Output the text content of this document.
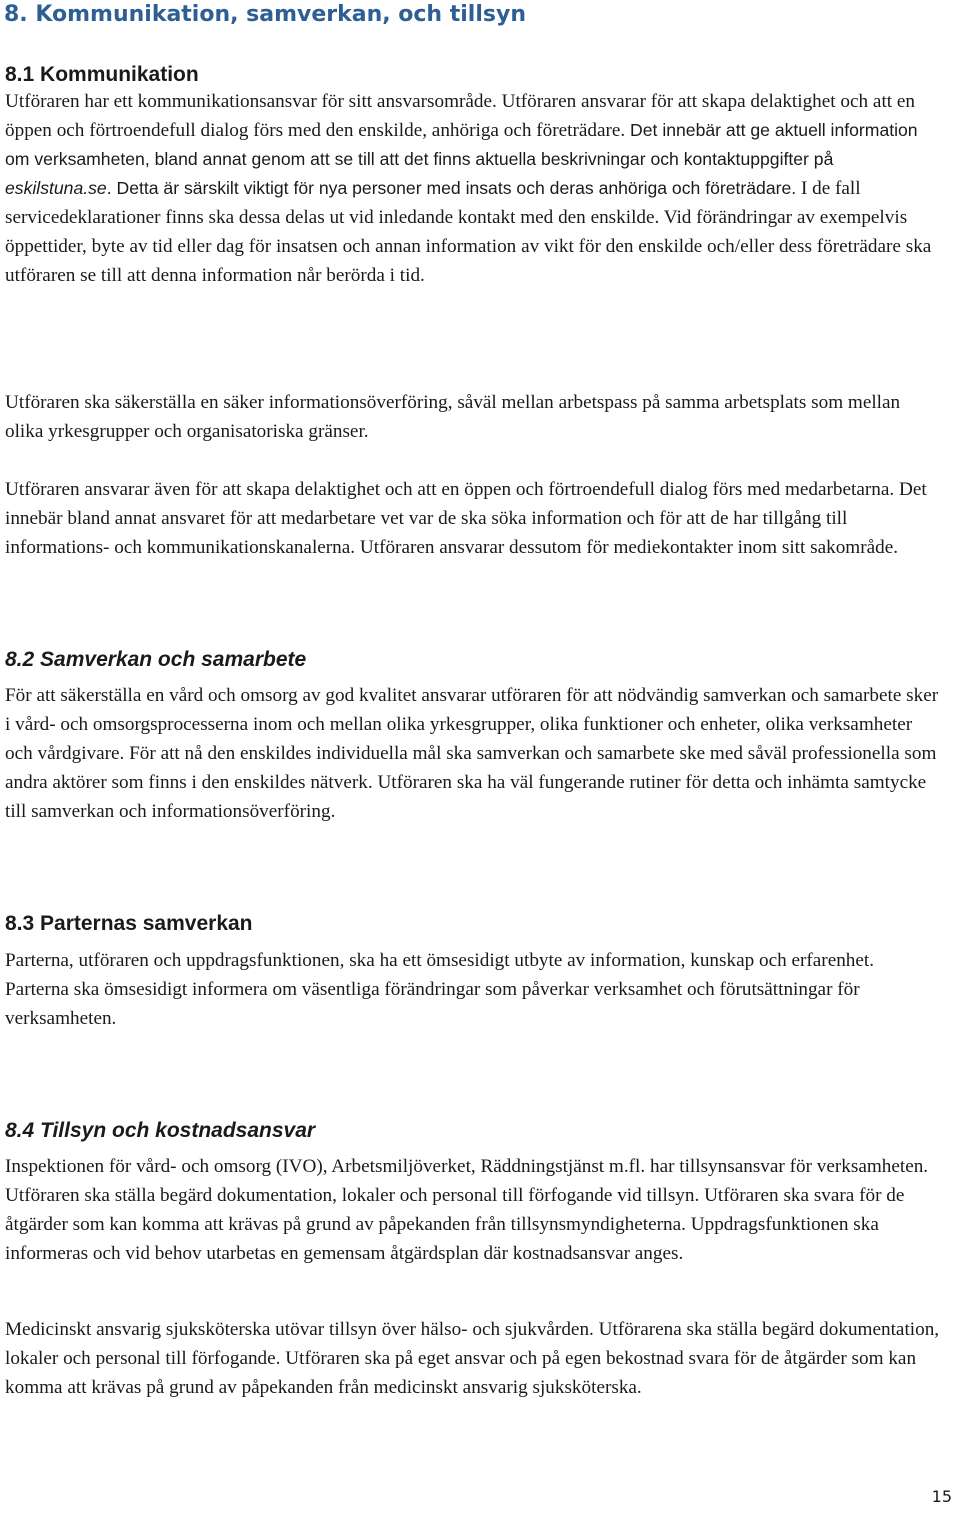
8. Kommunikation, samverkan, och tillsyn
8.1 Kommunikation

Utföraren har ett kommunikationsansvar för sitt ansvarsområde. Utföraren ansvarar för att skapa delaktighet och att en öppen och förtroendefull dialog förs med den enskilde, anhöriga och företrädare. Det innebär att ge aktuell information om verksamheten, bland annat genom att se till att det finns aktuella beskrivningar och kontaktuppgifter på eskilstuna.se. Detta är särskilt viktigt för nya personer med insats och deras anhöriga och företrädare. I de fall servicedeklarationer finns ska dessa delas ut vid inledande kontakt med den enskilde. Vid förändringar av exempelvis öppettider, byte av tid eller dag för insatsen och annan information av vikt för den enskilde och/eller dess företrädare ska utföraren se till att denna information når berörda i tid.

Utföraren ska säkerställa en säker informationsöverföring, såväl mellan arbetspass på samma arbetsplats som mellan olika yrkesgrupper och organisatoriska gränser.

Utföraren ansvarar även för att skapa delaktighet och att en öppen och förtroendefull dialog förs med medarbetarna. Det innebär bland annat ansvaret för att medarbetare vet var de ska söka information och för att de har tillgång till informations- och kommunikationskanalerna. Utföraren ansvarar dessutom för mediekontakter inom sitt sakområde.

8.2 Samverkan och samarbete

För att säkerställa en vård och omsorg av god kvalitet ansvarar utföraren för att nödvändig samverkan och samarbete sker i vård- och omsorgsprocesserna inom och mellan olika yrkesgrupper, olika funktioner och enheter, olika verksamheter och vårdgivare. För att nå den enskildes individuella mål ska samverkan och samarbete ske med såväl professionella som andra aktörer som finns i den enskildes nätverk. Utföraren ska ha väl fungerande rutiner för detta och inhämta samtycke till samverkan och informationsöverföring.

8.3 Parternas samverkan

Parterna, utföraren och uppdragsfunktionen, ska ha ett ömsesidigt utbyte av information, kunskap och erfarenhet. Parterna ska ömsesidigt informera om väsentliga förändringar som påverkar verksamhet och förutsättningar för verksamheten.

8.4 Tillsyn och kostnadsansvar

Inspektionen för vård- och omsorg (IVO), Arbetsmiljöverket, Räddningstjänst m.fl. har tillsynsansvar för verksamheten. Utföraren ska ställa begärd dokumentation, lokaler och personal till förfogande vid tillsyn. Utföraren ska svara för de åtgärder som kan komma att krävas på grund av påpekanden från tillsynsmyndigheterna. Uppdragsfunktionen ska informeras och vid behov utarbetas en gemensam åtgärdsplan där kostnadsansvar anges.

Medicinskt ansvarig sjuksköterska utövar tillsyn över hälso- och sjukvården. Utförarena ska ställa begärd dokumentation, lokaler och personal till förfogande. Utföraren ska på eget ansvar och på egen bekostnad svara för de åtgärder som kan komma att krävas på grund av påpekanden från medicinskt ansvarig sjuksköterska.

15
